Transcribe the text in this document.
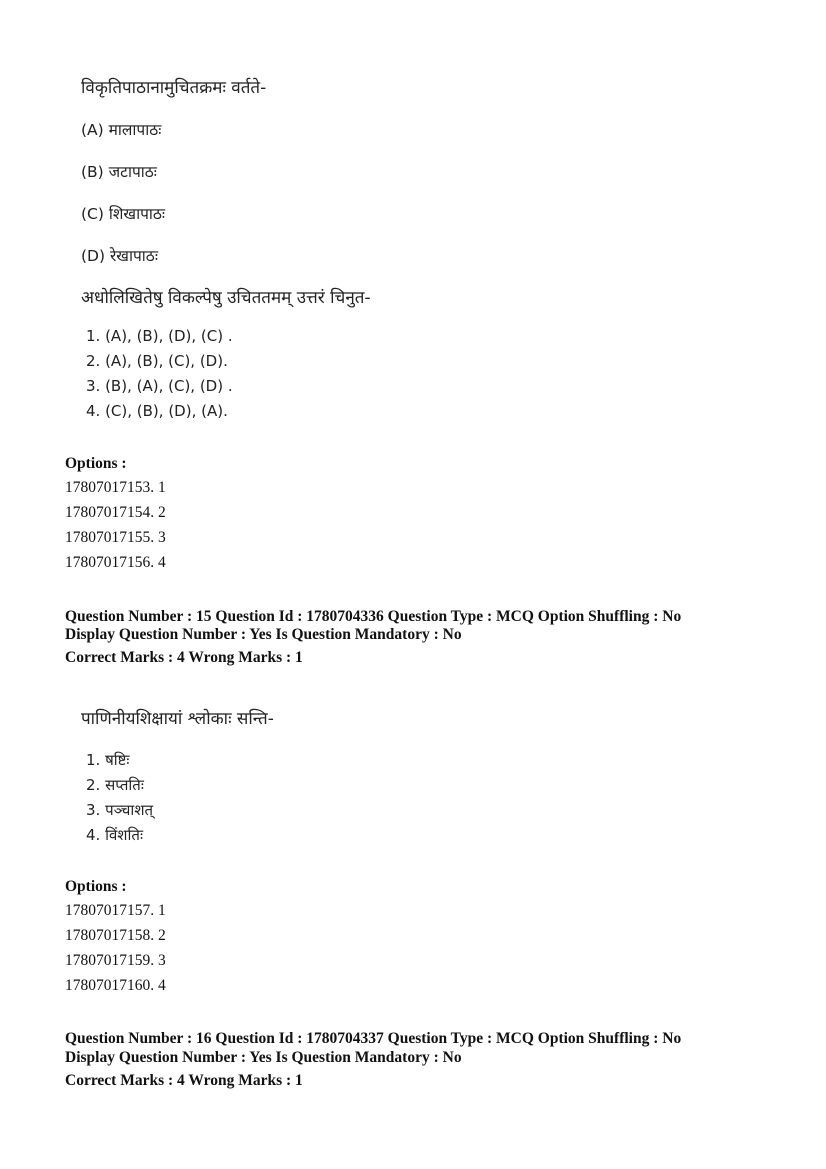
विकृतिपाठानामुचितक्रमः वर्तते-
(A) मालापाठः
(B) जटापाठः
(C) शिखापाठः
(D) रेखापाठः
अधोलिखितेषु विकल्पेषु उचिततमम् उत्तरं चिनुत-
1. (A), (B), (D), (C) .
2. (A), (B), (C), (D).
3. (B), (A), (C), (D) .
4. (C), (B), (D), (A).
Options :
17807017153. 1
17807017154. 2
17807017155. 3
17807017156. 4
Question Number : 15 Question Id : 1780704336 Question Type : MCQ Option Shuffling : No
Display Question Number : Yes Is Question Mandatory : No
Correct Marks : 4 Wrong Marks : 1
पाणिनीयशिक्षायां श्लोकाः सन्ति-
1. षष्टिः
2. सप्ततिः
3. पञ्चाशत्
4. विंशतिः
Options :
17807017157. 1
17807017158. 2
17807017159. 3
17807017160. 4
Question Number : 16 Question Id : 1780704337 Question Type : MCQ Option Shuffling : No
Display Question Number : Yes Is Question Mandatory : No
Correct Marks : 4 Wrong Marks : 1
